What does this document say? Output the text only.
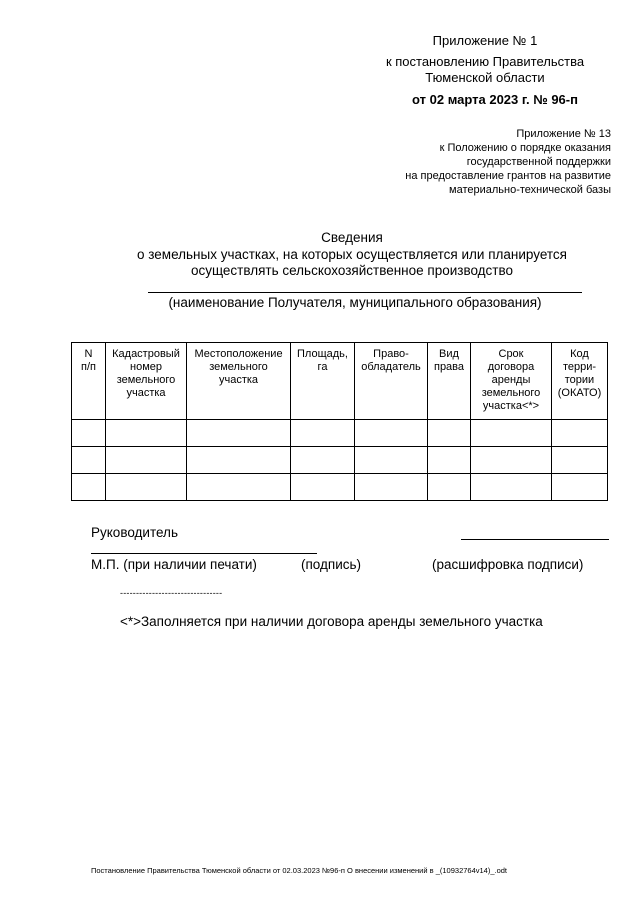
Приложение № 1
к постановлению Правительства
Тюменской области
от 02 марта 2023 г. № 96-п
Приложение № 13
к Положению о порядке оказания
государственной поддержки
на предоставление грантов на развитие
материально-технической базы
Сведения
о земельных участках, на которых осуществляется или планируется
осуществлять сельскохозяйственное производство
(наименование Получателя, муниципального образования)
N
п/п	Кадастровый
номер
земельного
участка	Местоположение
земельного
участка	Площадь,
га	Право-
обладатель	Вид
права	Срок
договора
аренды
земельного
участка<*>	Код
терри-
тории
(ОКАТО)

Руководитель
М.П. (при наличии печати)	(подпись)	(расшифровка подписи)
--------------------------------
<*>Заполняется при наличии договора аренды земельного участка
Постановление Правительства Тюменской области от 02.03.2023 №96-п О внесении изменений в _(10932764v14)_.odt
